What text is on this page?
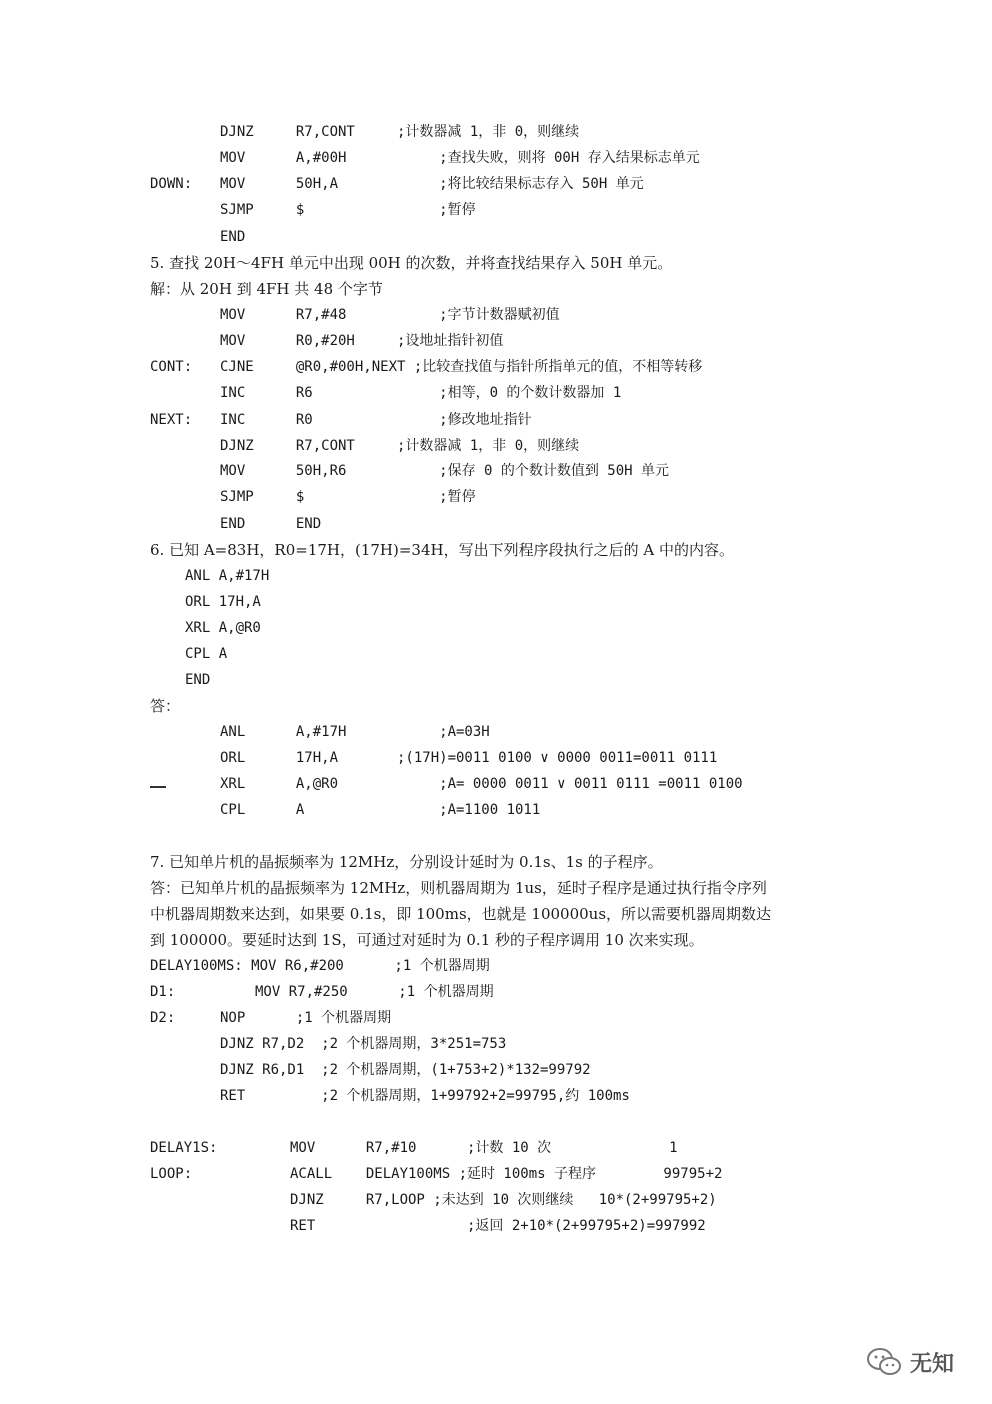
DJNZ     R7,CONT     ;计数器减 1，非 0，则继续
MOV      A,#00H           ;查找失败，则将 00H 存入结果标志单元
DOWN: MOV      50H,A            ;将比较结果标志存入 50H 单元
SJMP     $                ;暂停
END
5. 查找 20H～4FH 单元中出现 00H 的次数，并将查找结果存入 50H 单元。
解：从 20H 到 4FH 共 48 个字节
MOV      R7,#48           ;字节计数器赋初值
MOV      R0,#20H     ;设地址指针初值
CONT: CJNE     @R0,#00H,NEXT ;比较查找值与指针所指单元的值，不相等转移
INC      R6               ;相等，0 的个数计数器加 1
NEXT: INC      R0               ;修改地址指针
DJNZ     R7,CONT     ;计数器减 1，非 0，则继续
MOV      50H,R6           ;保存 0 的个数计数值到 50H 单元
SJMP     $                ;暂停
END      END
6. 已知 A=83H，R0=17H，(17H)=34H，写出下列程序段执行之后的 A 中的内容。
ANL A,#17H
ORL 17H,A
XRL A,@R0
CPL A
END
答：
ANL      A,#17H           ;A=03H
ORL      17H,A       ;(17H)=0011 0100 ∨ 0000 0011=0011 0111
XRL      A,@R0            ;A= 0000 0011 ∨ 0011 0111 =0011 0100
CPL      A                ;A=1100 1011
7. 已知单片机的晶振频率为 12MHz，分别设计延时为 0.1s、1s 的子程序。
答：已知单片机的晶振频率为 12MHz，则机器周期为 1us，延时子程序是通过执行指令序列
中机器周期数来达到，如果要 0.1s，即 100ms，也就是 100000us，所以需要机器周期数达
到 100000。要延时达到 1S，可通过对延时为 0.1 秒的子程序调用 10 次来实现。
DELAY100MS: MOV R6,#200      ;1 个机器周期
D1:	MOV R7,#250      ;1 个机器周期
D2:	NOP      ;1 个机器周期
DJNZ R7,D2  ;2 个机器周期，3*251=753
DJNZ R6,D1  ;2 个机器周期，(1+753+2)*132=99792
RET         ;2 个机器周期，1+99792+2=99795,约 100ms
DELAY1S:	MOV      R7,#10      ;计数 10 次              1
LOOP:	ACALL    DELAY100MS ;延时 100ms 子程序        99795+2
DJNZ     R7,LOOP ;未达到 10 次则继续   10*(2+99795+2)
RET                  ;返回 2+10*(2+99795+2)=997992
无知
